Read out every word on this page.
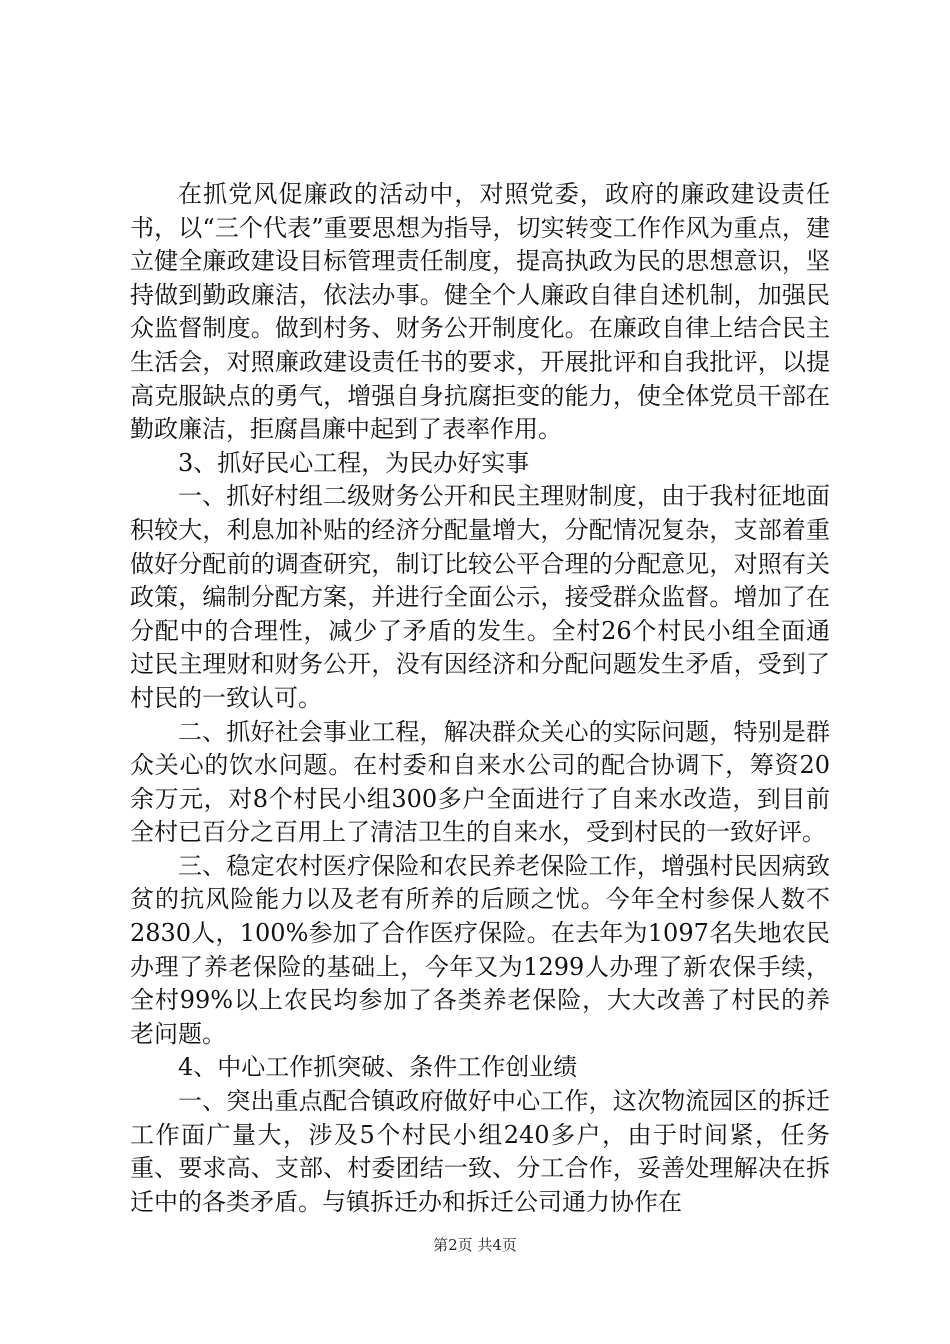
在抓党风促廉政的活动中，对照党委，政府的廉政建设责任书，以“三个代表”重要思想为指导，切实转变工作作风为重点，建立健全廉政建设目标管理责任制度，提高执政为民的思想意识，坚持做到勤政廉洁，依法办事。健全个人廉政自律自述机制，加强民众监督制度。做到村务、财务公开制度化。在廉政自律上结合民主生活会，对照廉政建设责任书的要求，开展批评和自我批评，以提高克服缺点的勇气，增强自身抗腐拒变的能力，使全体党员干部在勤政廉洁，拒腐昌廉中起到了表率作用。

3、抓好民心工程，为民办好实事

一、抓好村组二级财务公开和民主理财制度，由于我村征地面积较大，利息加补贴的经济分配量增大，分配情况复杂，支部着重做好分配前的调查研究，制订比较公平合理的分配意见，对照有关政策，编制分配方案，并进行全面公示，接受群众监督。增加了在分配中的合理性，减少了矛盾的发生。全村26个村民小组全面通过民主理财和财务公开，没有因经济和分配问题发生矛盾，受到了村民的一致认可。

二、抓好社会事业工程，解决群众关心的实际问题，特别是群众关心的饮水问题。在村委和自来水公司的配合协调下，筹资20余万元，对8个村民小组300多户全面进行了自来水改造，到目前全村已百分之百用上了清洁卫生的自来水，受到村民的一致好评。

三、稳定农村医疗保险和农民养老保险工作，增强村民因病致贫的抗风险能力以及老有所养的后顾之忧。今年全村参保人数不2830人，100%参加了合作医疗保险。在去年为1097名失地农民办理了养老保险的基础上，今年又为1299人办理了新农保手续，全村99%以上农民均参加了各类养老保险，大大改善了村民的养老问题。

4、中心工作抓突破、条件工作创业绩

一、突出重点配合镇政府做好中心工作，这次物流园区的拆迁工作面广量大，涉及5个村民小组240多户，由于时间紧，任务重、要求高、支部、村委团结一致、分工合作，妥善处理解决在拆迁中的各类矛盾。与镇拆迁办和拆迁公司通力协作在

第2页 共4页
